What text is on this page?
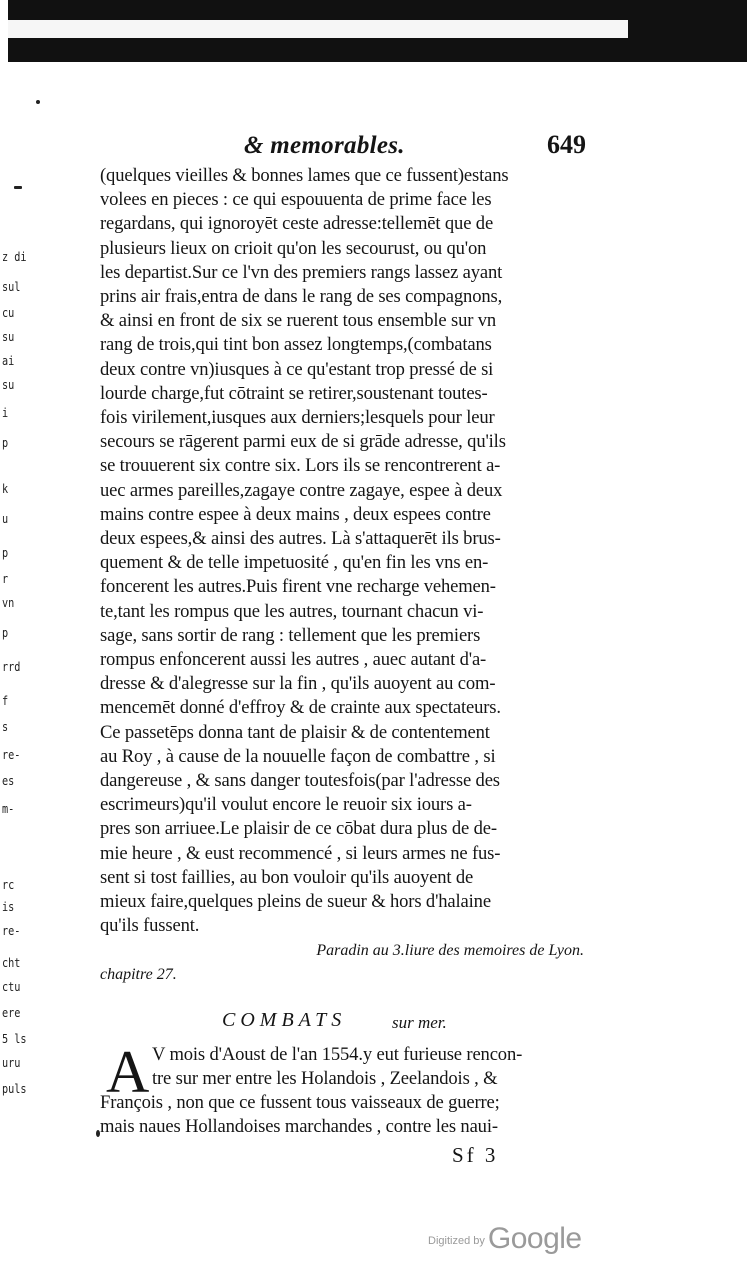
z di
sul
cu
su
ai
su
i
p
k
u
p
r
vn
p
rrd
f
s
re-
es
m-
rc
is
re-
cht
ctu
ere
5 ls
uru
puls
& memorables.	649
(quelques vieilles & bonnes lames que ce fussent)estans
volees en pieces : ce qui espouuenta de prime face les
regardans, qui ignoroyēt ceste adresse:tellemēt que de
plusieurs lieux on crioit qu'on les secourust, ou qu'on
les departist.Sur ce l'vn des premiers rangs lassez ayant
prins air frais,entra de dans le rang de ses compagnons,
& ainsi en front de six se ruerent tous ensemble sur vn
rang de trois,qui tint bon assez longtemps,(combatans
deux contre vn)iusques à ce qu'estant trop pressé de si
lourde charge,fut cōtraint se retirer,soustenant toutes-
fois virilement,iusques aux derniers;lesquels pour leur
secours se rāgerent parmi eux de si grāde adresse, qu'ils
se trouuerent six contre six. Lors ils se rencontrerent a-
uec armes pareilles,zagaye contre zagaye, espee à deux
mains contre espee à deux mains , deux espees contre
deux espees,& ainsi des autres. Là s'attaquerēt ils brus-
quement & de telle impetuosité , qu'en fin les vns en-
foncerent les autres.Puis firent vne recharge vehemen-
te,tant les rompus que les autres, tournant chacun vi-
sage, sans sortir de rang : tellement que les premiers
rompus enfoncerent aussi les autres , auec autant d'a-
dresse & d'alegresse sur la fin , qu'ils auoyent au com-
mencemēt donné d'effroy & de crainte aux spectateurs.
Ce passetēps donna tant de plaisir & de contentement
au Roy , à cause de la nouuelle façon de combattre , si
dangereuse , & sans danger toutesfois(par l'adresse des
escrimeurs)qu'il voulut encore le reuoir six iours a-
pres son arriuee.Le plaisir de ce cōbat dura plus de de-
mie heure , & eust recommencé , si leurs armes ne fus-
sent si tost faillies, au bon vouloir qu'ils auoyent de
mieux faire,quelques pleins de sueur & hors d'halaine
qu'ils fussent.
Paradin au 3.liure des memoires de Lyon.
chapitre 27.
COMBATS	sur mer.
A V mois d'Aoust de l'an 1554.y eut furieuse rencon-
tre sur mer entre les Holandois , Zeelandois , &
François , non que ce fussent tous vaisseaux de guerre;
mais naues Hollandoises marchandes , contre les naui-
Sf 3
$^{Digitized by}$ Google
